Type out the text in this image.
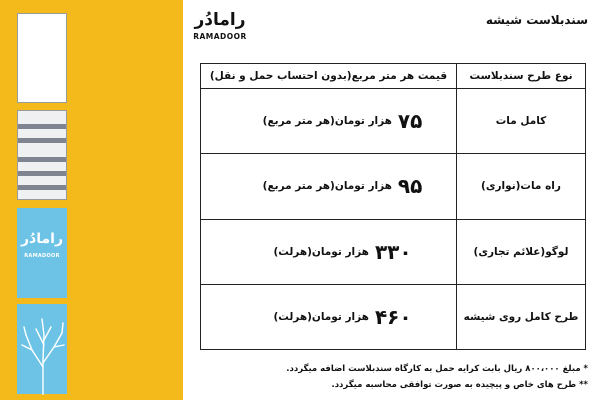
رامادُر
RAMADOOR
رامادُر
RAMADOOR
سندبلاست شیشه
نوع طرح سندبلاست	قیمت هر متر مربع(بدون احتساب حمل و نقل)
کامل مات	۷۵
هزار تومان
(هر متر مربع)

راه مات(نواری)	۹۵
هزار تومان
(هر متر مربع)

لوگو(علائم تجاری)	۳۳۰
هزار تومان
(هرلت)

طرح کامل روی شیشه	۴۶۰
هزار تومان
(هرلت)
* مبلغ ۸۰۰،۰۰۰ ریال بابت کرایه حمل به کارگاه سندبلاست اضافه میگردد.
** طرح های خاص و پیچیده به صورت توافقی محاسبه میگردد.
